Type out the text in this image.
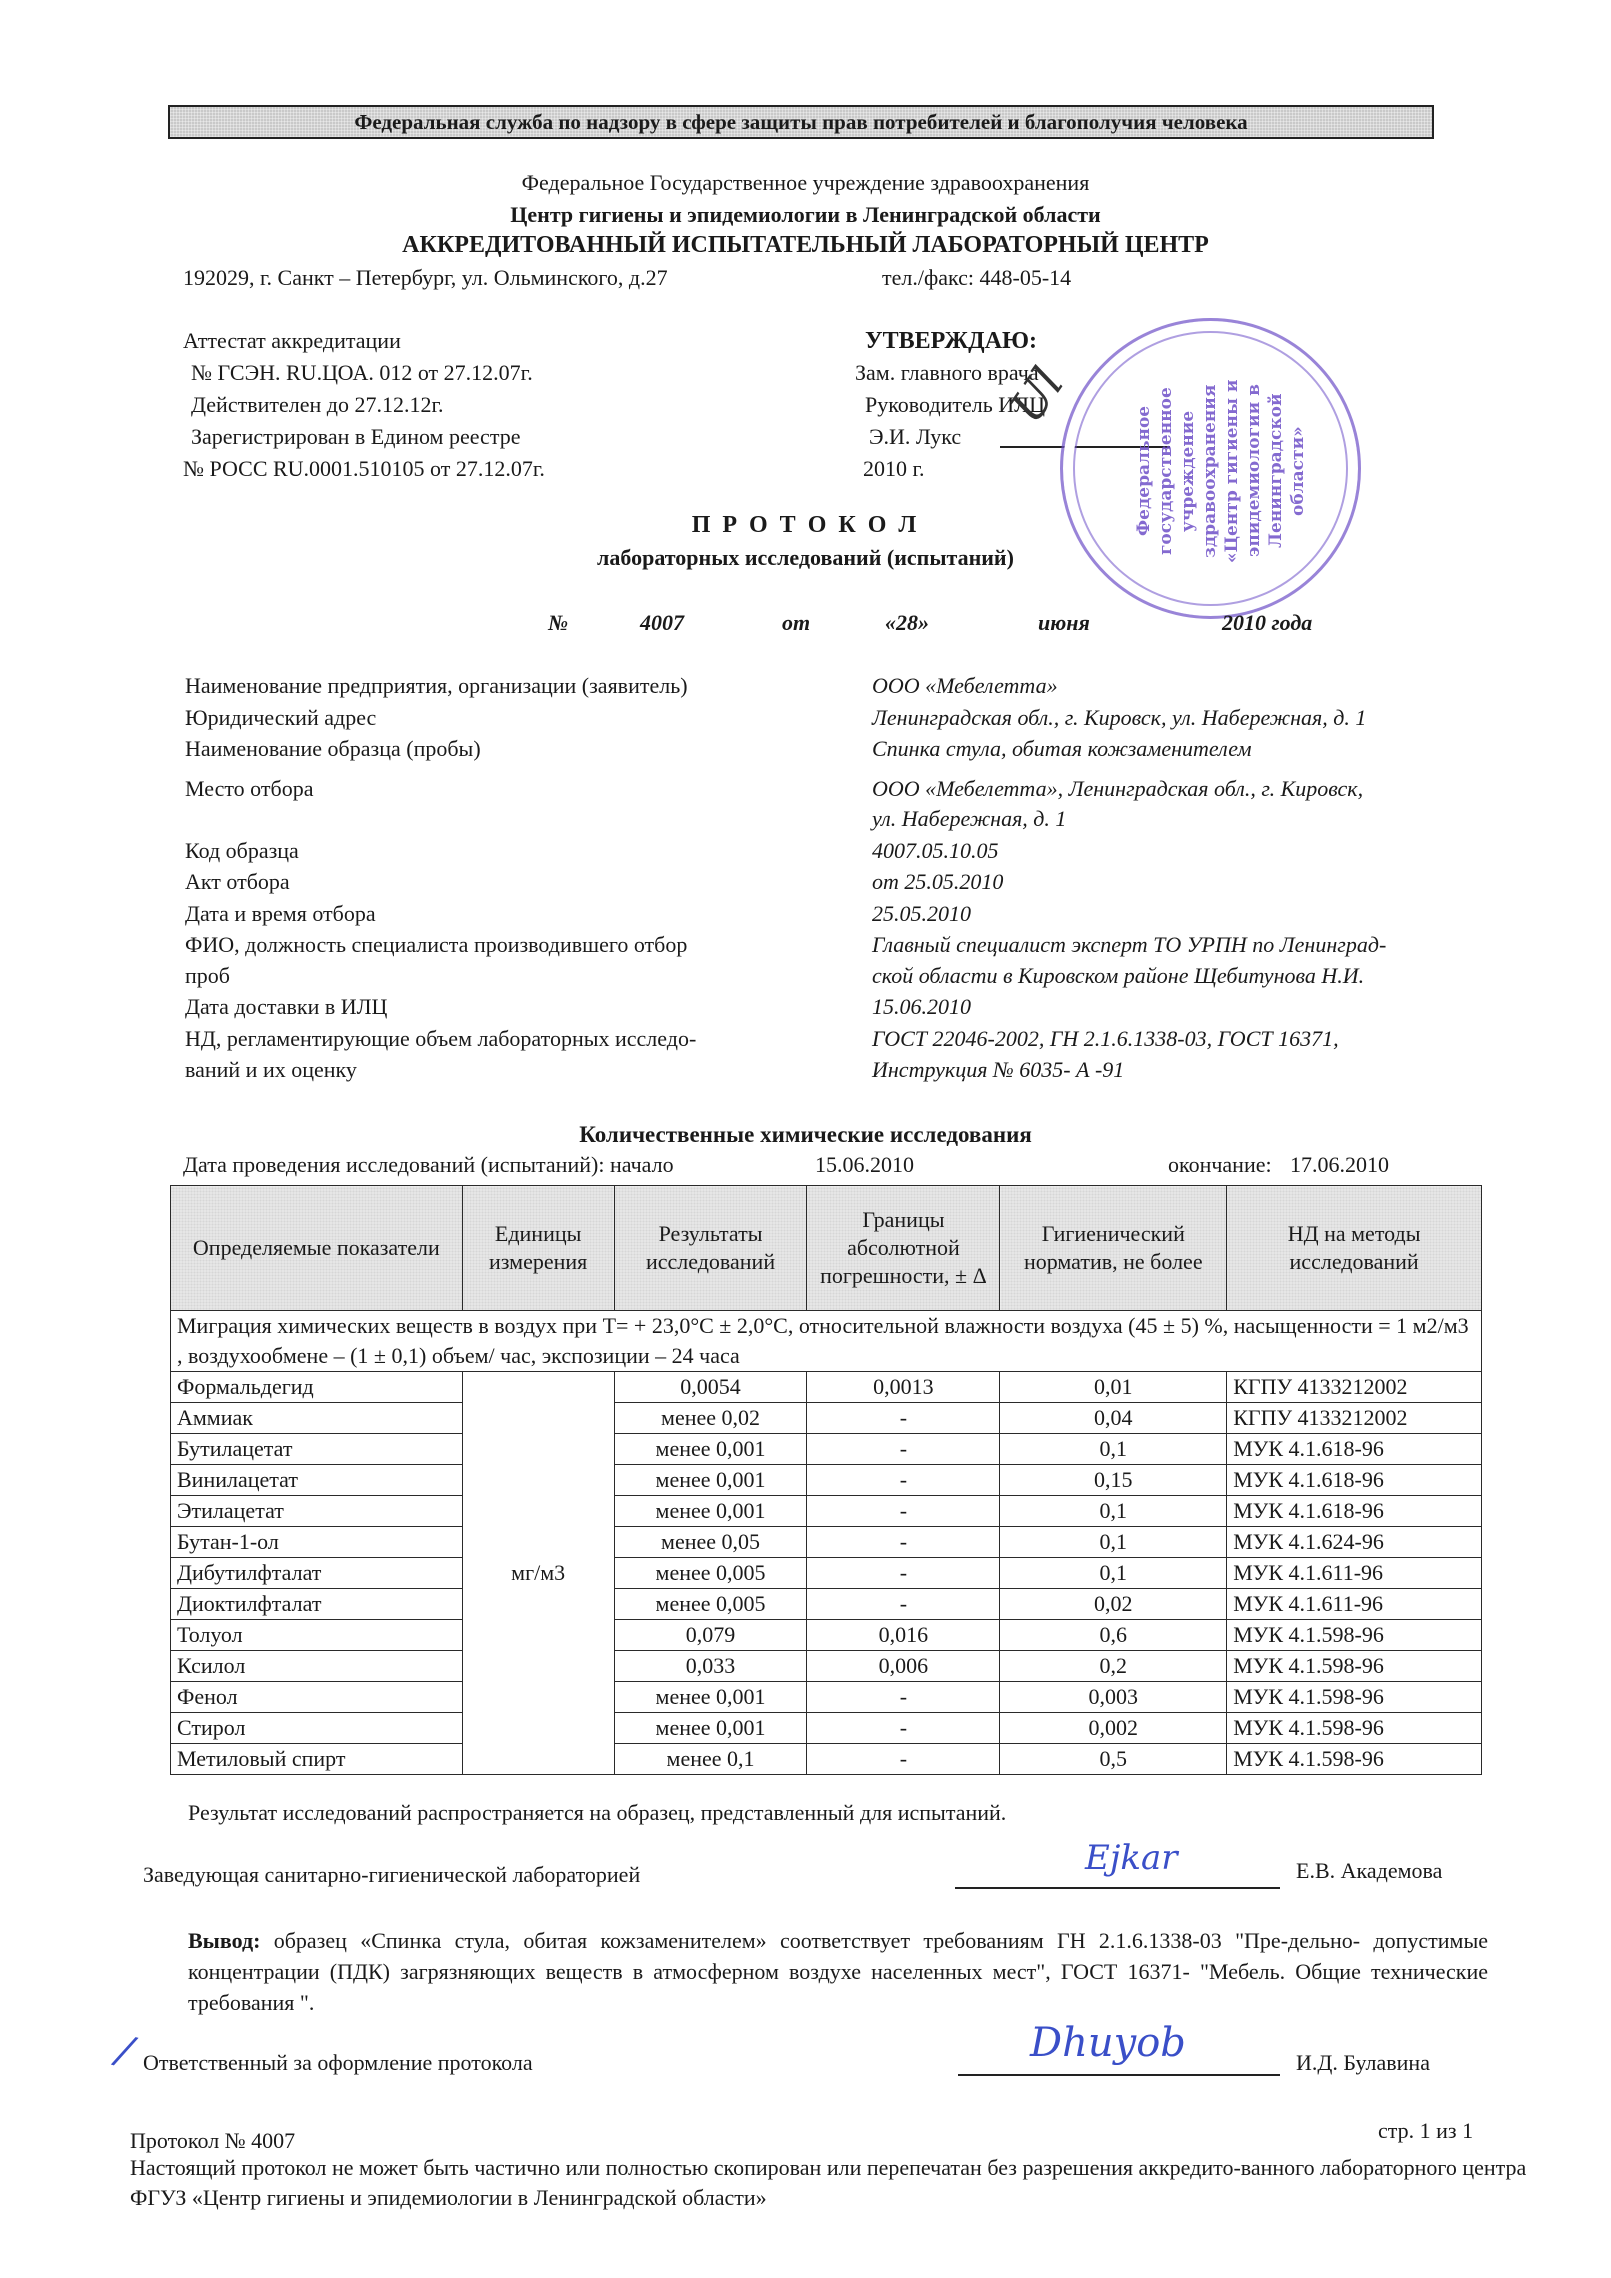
Федеральная служба по надзору в сфере защиты прав потребителей и благополучия человека
Федеральное Государственное учреждение здравоохранения
Центр гигиены и эпидемиологии в Ленинградской области
АККРЕДИТОВАННЫЙ ИСПЫТАТЕЛЬНЫЙ ЛАБОРАТОРНЫЙ ЦЕНТР
192029, г. Санкт – Петербург, ул. Ольминского, д.27	тел./факс: 448-05-14
Аттестат аккредитации
№ ГСЭН. RU.ЦОА. 012 от 27.12.07г.
Действителен до 27.12.12г.
Зарегистрирован в Едином реестре
№ РОСС RU.0001.510105 от 27.12.07г.
УТВЕРЖДАЮ:
Зам. главного врача
Руководитель ИЛЦ
Э.И. Лукс
2010 г.
Ul
Федеральное государственное учреждение здравоохранения «Центр гигиены и эпидемиологии в Ленинградской области»
П Р О Т О К О Л
лабораторных исследований (испытаний)
№	4007	от	«28»	июня	2010 года
Наименование предприятия, организации (заявитель)	ООО «Мебелетта»
Юридический адрес	Ленинградская обл., г. Кировск, ул. Набережная, д. 1
Наименование образца (пробы)	Спинка стула, обитая кожзаменителем
Место отбора	ООО «Мебелетта», Ленинградская обл., г. Кировск,
ул. Набережная, д. 1
Код образца	4007.05.10.05
Акт отбора	от 25.05.2010
Дата и время отбора	25.05.2010
ФИО, должность специалиста производившего отбор	Главный специалист эксперт ТО УРПН по Ленинград-
проб	ской области в Кировском районе Щебитунова Н.И.
Дата доставки в ИЛЦ	15.06.2010
НД, регламентирующие объем лабораторных исследо-	ГОСТ 22046-2002, ГН 2.1.6.1338-03, ГОСТ 16371,
ваний и их оценку	Инструкция № 6035- А -91
Количественные химические исследования
Дата проведения исследований (испытаний): начало	15.06.2010	окончание: 17.06.2010
Определяемые показатели	Единицы измерения	Результаты исследований	Границы абсолютной погрешности, ± Δ	Гигиенический норматив, не более	НД на методы исследований
Миграция химических веществ в воздух при Т= + 23,0°С ± 2,0°С, относительной влажности воздуха (45 ± 5) %, насыщенности = 1 м2/м3 , воздухообмене – (1 ± 0,1) объем/ час, экспозиции – 24 часа					
Формальдегид	мг/м3	0,0054	0,0013	0,01	КГПУ 4133212002
Аммиак		менее 0,02	-	0,04	КГПУ 4133212002
Бутилацетат		менее 0,001	-	0,1	МУК 4.1.618-96
Винилацетат		менее 0,001	-	0,15	МУК 4.1.618-96
Этилацетат		менее 0,001	-	0,1	МУК 4.1.618-96
Бутан-1-ол		менее 0,05	-	0,1	МУК 4.1.624-96
Дибутилфталат		менее 0,005	-	0,1	МУК 4.1.611-96
Диоктилфталат		менее 0,005	-	0,02	МУК 4.1.611-96
Толуол		0,079	0,016	0,6	МУК 4.1.598-96
Ксилол		0,033	0,006	0,2	МУК 4.1.598-96
Фенол		менее 0,001	-	0,003	МУК 4.1.598-96
Стирол		менее 0,001	-	0,002	МУК 4.1.598-96
Метиловый спирт		менее 0,1	-	0,5	МУК 4.1.598-96
Результат исследований распространяется на образец, представленный для испытаний.
Заведующая санитарно-гигиенической лабораторией	Ejkar	Е.В. Академова
Вывод: образец «Спинка стула, обитая кожзаменителем» соответствует требованиям ГН 2.1.6.1338-03 "Пре-дельно- допустимые концентрации (ПДК) загрязняющих веществ в атмосферном воздухе населенных мест", ГОСТ 16371- "Мебель. Общие технические требования ".
/ Ответственный за оформление протокола	Dhuyob	И.Д. Булавина
Протокол № 4007	стр. 1 из 1
Настоящий протокол не может быть частично или полностью скопирован или перепечатан без разрешения аккредито-ванного лабораторного центра ФГУЗ «Центр гигиены и эпидемиологии в Ленинградской области»
